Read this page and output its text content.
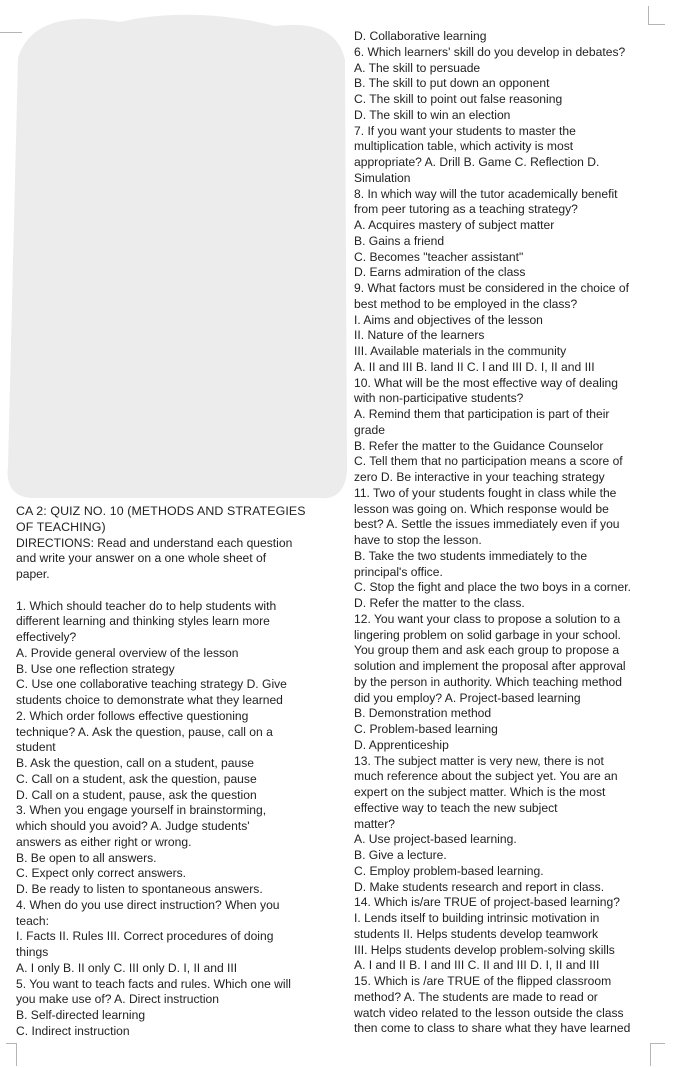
CA 2: QUIZ NO. 10 (METHODS AND STRATEGIES
OF TEACHING)
DIRECTIONS: Read and understand each question
and write your answer on a one whole sheet of
paper.
1. Which should teacher do to help students with
different learning and thinking styles learn more
effectively?
A. Provide general overview of the lesson
B. Use one reflection strategy
C. Use one collaborative teaching strategy D. Give
students choice to demonstrate what they learned
2. Which order follows effective questioning
technique? A. Ask the question, pause, call on a
student
B. Ask the question, call on a student, pause
C. Call on a student, ask the question, pause
D. Call on a student, pause, ask the question
3. When you engage yourself in brainstorming,
which should you avoid? A. Judge students'
answers as either right or wrong.
B. Be open to all answers.
C. Expect only correct answers.
D. Be ready to listen to spontaneous answers.
4. When do you use direct instruction? When you
teach:
I. Facts II. Rules III. Correct procedures of doing
things
A. I only B. II only C. III only D. I, II and III
5. You want to teach facts and rules. Which one will
you make use of? A. Direct instruction
B. Self-directed learning
C. Indirect instruction
D. Collaborative learning
6. Which learners' skill do you develop in debates?
A. The skill to persuade
B. The skill to put down an opponent
C. The skill to point out false reasoning
D. The skill to win an election
7. If you want your students to master the
multiplication table, which activity is most
appropriate? A. Drill B. Game C. Reflection D.
Simulation
8. In which way will the tutor academically benefit
from peer tutoring as a teaching strategy?
A. Acquires mastery of subject matter
B. Gains a friend
C. Becomes "teacher assistant"
D. Earns admiration of the class
9. What factors must be considered in the choice of
best method to be employed in the class?
I. Aims and objectives of the lesson
II. Nature of the learners
III. Available materials in the community
A. II and III B. land II C. l and III D. I, II and III
10. What will be the most effective way of dealing
with non-participative students?
A. Remind them that participation is part of their
grade
B. Refer the matter to the Guidance Counselor
C. Tell them that no participation means a score of
zero D. Be interactive in your teaching strategy
11. Two of your students fought in class while the
lesson was going on. Which response would be
best? A. Settle the issues immediately even if you
have to stop the lesson.
B. Take the two students immediately to the
principal's office.
C. Stop the fight and place the two boys in a corner.
D. Refer the matter to the class.
12. You want your class to propose a solution to a
lingering problem on solid garbage in your school.
You group them and ask each group to propose a
solution and implement the proposal after approval
by the person in authority. Which teaching method
did you employ? A. Project-based learning
B. Demonstration method
C. Problem-based learning
D. Apprenticeship
13. The subject matter is very new, there is not
much reference about the subject yet. You are an
expert on the subject matter. Which is the most
effective way to teach the new subject
matter?
A. Use project-based learning.
B. Give a lecture.
C. Employ problem-based learning.
D. Make students research and report in class.
14. Which is/are TRUE of project-based learning?
I. Lends itself to building intrinsic motivation in
students II. Helps students develop teamwork
III. Helps students develop problem-solving skills
A. I and II B. I and III C. II and III D. I, II and III
15. Which is /are TRUE of the flipped classroom
method? A. The students are made to read or
watch video related to the lesson outside the class
then come to class to share what they have learned
